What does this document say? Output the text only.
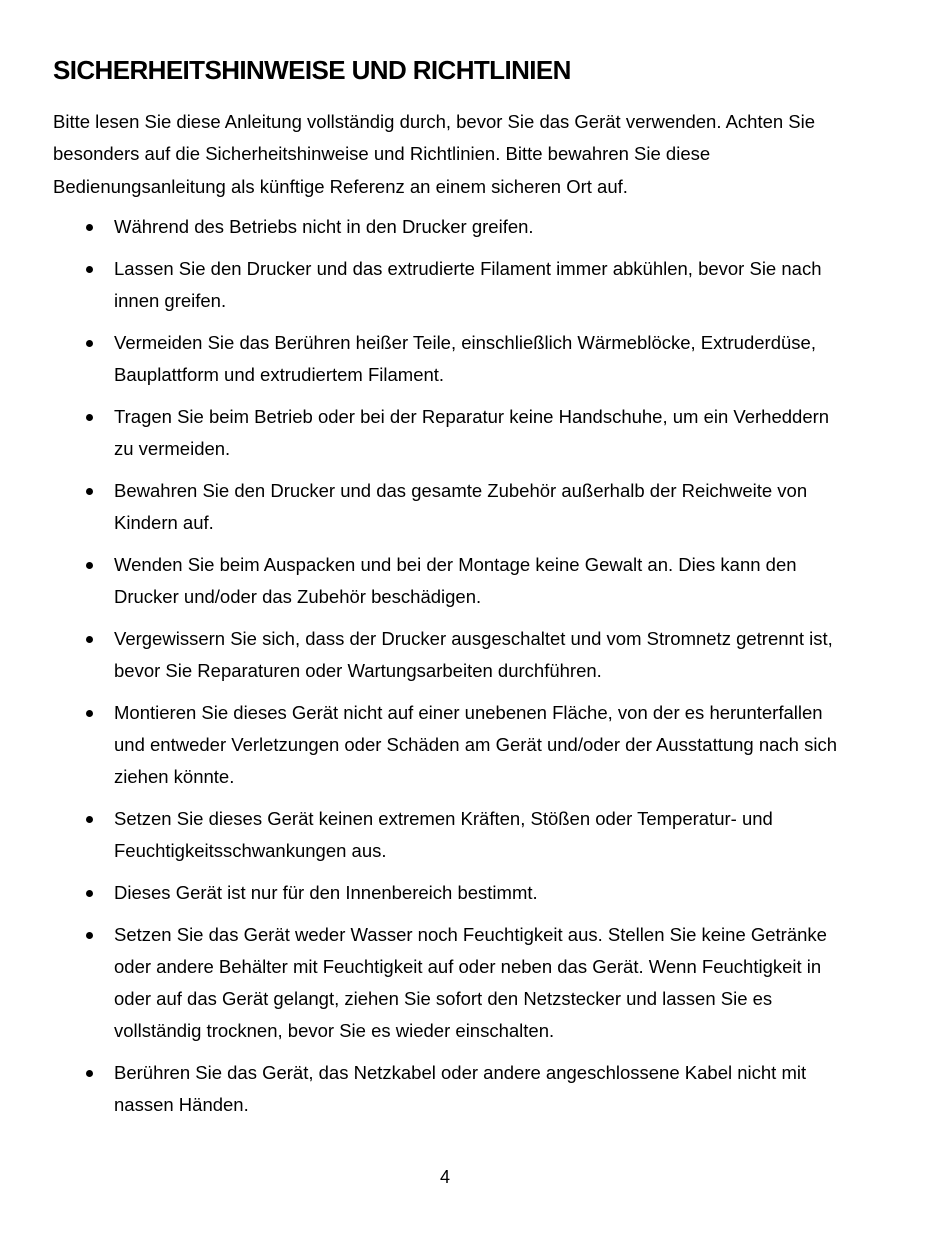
SICHERHEITSHINWEISE UND RICHTLINIEN

Bitte lesen Sie diese Anleitung vollständig durch, bevor Sie das Gerät verwenden. Achten Sie besonders auf die Sicherheitshinweise und Richtlinien. Bitte bewahren Sie diese Bedienungsanleitung als künftige Referenz an einem sicheren Ort auf.

Während des Betriebs nicht in den Drucker greifen.
Lassen Sie den Drucker und das extrudierte Filament immer abkühlen, bevor Sie nach innen greifen.
Vermeiden Sie das Berühren heißer Teile, einschließlich Wärmeblöcke, Extruderdüse, Bauplattform und extrudiertem Filament.
Tragen Sie beim Betrieb oder bei der Reparatur keine Handschuhe, um ein Verheddern zu vermeiden.
Bewahren Sie den Drucker und das gesamte Zubehör außerhalb der Reichweite von Kindern auf.
Wenden Sie beim Auspacken und bei der Montage keine Gewalt an. Dies kann den Drucker und/oder das Zubehör beschädigen.
Vergewissern Sie sich, dass der Drucker ausgeschaltet und vom Stromnetz getrennt ist, bevor Sie Reparaturen oder Wartungsarbeiten durchführen.
Montieren Sie dieses Gerät nicht auf einer unebenen Fläche, von der es herunterfallen und entweder Verletzungen oder Schäden am Gerät und/oder der Ausstattung nach sich ziehen könnte.
Setzen Sie dieses Gerät keinen extremen Kräften, Stößen oder Temperatur- und Feuchtigkeitsschwankungen aus.
Dieses Gerät ist nur für den Innenbereich bestimmt.
Setzen Sie das Gerät weder Wasser noch Feuchtigkeit aus. Stellen Sie keine Getränke oder andere Behälter mit Feuchtigkeit auf oder neben das Gerät. Wenn Feuchtigkeit in oder auf das Gerät gelangt, ziehen Sie sofort den Netzstecker und lassen Sie es vollständig trocknen, bevor Sie es wieder einschalten.
Berühren Sie das Gerät, das Netzkabel oder andere angeschlossene Kabel nicht mit nassen Händen.
4
